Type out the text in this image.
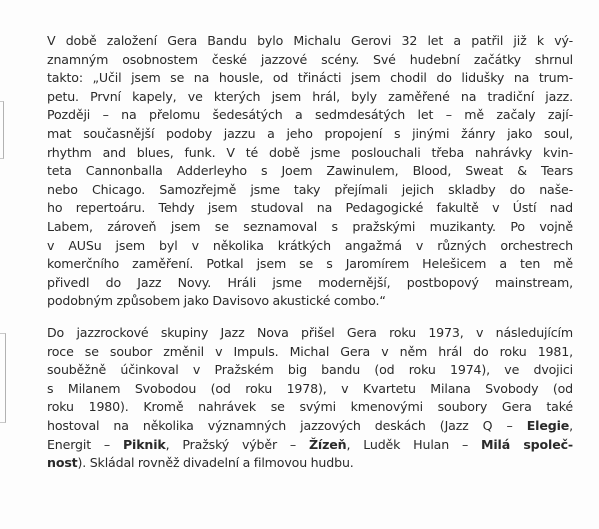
V době založení Gera Bandu bylo Michalu Gerovi 32 let a patřil již k vý-
znamným osobnostem české jazzové scény. Své hudební začátky shrnul
takto: „Učil jsem se na housle, od třinácti jsem chodil do lidušky na trum-
petu. První kapely, ve kterých jsem hrál, byly zaměřené na tradiční jazz.
Později – na přelomu šedesátých a sedmdesátých let – mě začaly zají-
mat současnější podoby jazzu a jeho propojení s jinými žánry jako soul,
rhythm and blues, funk. V té době jsme poslouchali třeba nahrávky kvin-
teta Cannonballa Adderleyho s Joem Zawinulem, Blood, Sweat & Tears
nebo Chicago. Samozřejmě jsme taky přejímali jejich skladby do naše-
ho repertoáru. Tehdy jsem studoval na Pedagogické fakultě v Ústí nad
Labem, zároveň jsem se seznamoval s pražskými muzikanty. Po vojně
v AUSu jsem byl v několika krátkých angažmá v různých orchestrech
komerčního zaměření. Potkal jsem se s Jaromírem Helešicem a ten mě
přivedl do Jazz Novy. Hráli jsme modernější, postbopový mainstream,
podobným způsobem jako Davisovo akustické combo.“

Do jazzrockové skupiny Jazz Nova přišel Gera roku 1973, v následujícím
roce se soubor změnil v Impuls. Michal Gera v něm hrál do roku 1981,
souběžně účinkoval v Pražském big bandu (od roku 1974), ve dvojici
s Milanem Svobodou (od roku 1978), v Kvartetu Milana Svobody (od
roku 1980). Kromě nahrávek se svými kmenovými soubory Gera také
hostoval na několika významných jazzových deskách (Jazz Q – Elegie,
Energit – Piknik, Pražský výběr – Žízeň, Luděk Hulan – Milá společ-
nost). Skládal rovněž divadelní a filmovou hudbu.
